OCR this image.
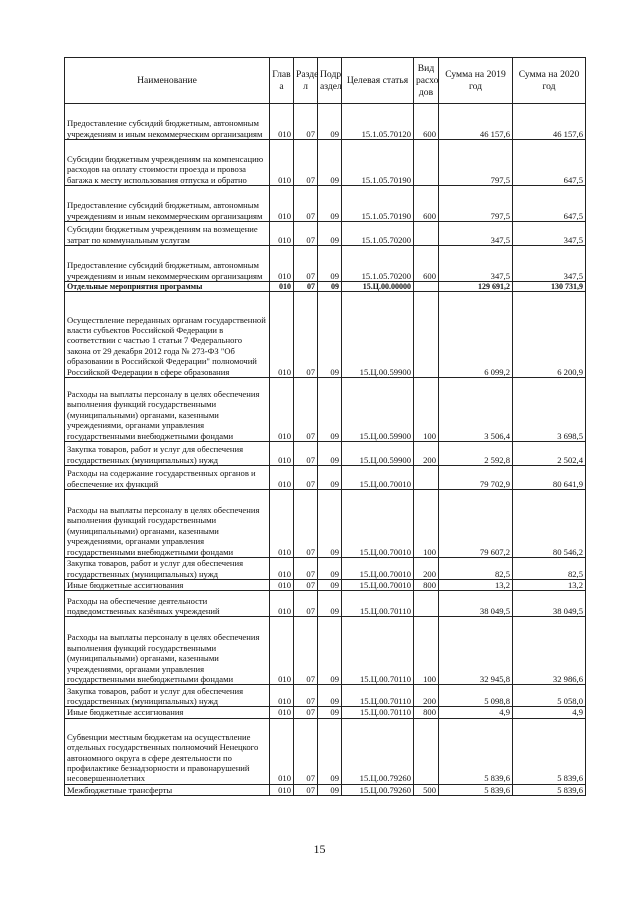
Наименование	Глав а	Разде л	Подр аздел	Целевая статья	Вид расхо дов	Сумма на 2019 год	Сумма на 2020 год
Предоставление субсидий бюджетным, автономным учреждениям и иным некоммерческим организациям	010	07	09	15.1.05.70120	600	46 157,6	46 157,6
Субсидии бюджетным учреждениям на компенсацию расходов на оплату стоимости проезда и провоза багажа к месту использования отпуска и обратно	010	07	09	15.1.05.70190		797,5	647,5
Предоставление субсидий бюджетным, автономным учреждениям и иным некоммерческим организациям	010	07	09	15.1.05.70190	600	797,5	647,5
Субсидии бюджетным учреждениям на возмещение затрат по коммунальным услугам	010	07	09	15.1.05.70200		347,5	347,5
Предоставление субсидий бюджетным, автономным учреждениям и иным некоммерческим организациям	010	07	09	15.1.05.70200	600	347,5	347,5
Отдельные мероприятия программы	010	07	09	15.Ц.00.00000		129 691,2	130 731,9
Осуществление переданных органам государственной власти субъектов Российской Федерации в соответствии с частью 1 статьи 7 Федерального закона от 29 декабря 2012 года № 273-ФЗ "Об образовании в Российской Федерации" полномочий Российской Федерации в сфере образования	010	07	09	15.Ц.00.59900		6 099,2	6 200,9
Расходы на выплаты персоналу в целях обеспечения выполнения функций государственными (муниципальными) органами, казенными учреждениями, органами управления государственными внебюджетными фондами	010	07	09	15.Ц.00.59900	100	3 506,4	3 698,5
Закупка товаров, работ и услуг для обеспечения государственных (муниципальных) нужд	010	07	09	15.Ц.00.59900	200	2 592,8	2 502,4
Расходы на содержание государственных органов и обеспечение их функций	010	07	09	15.Ц.00.70010		79 702,9	80 641,9
Расходы на выплаты персоналу в целях обеспечения выполнения функций государственными (муниципальными) органами, казенными учреждениями, органами управления государственными внебюджетными фондами	010	07	09	15.Ц.00.70010	100	79 607,2	80 546,2
Закупка товаров, работ и услуг для обеспечения государственных (муниципальных) нужд	010	07	09	15.Ц.00.70010	200	82,5	82,5
Иные бюджетные ассигнования	010	07	09	15.Ц.00.70010	800	13,2	13,2
Расходы на обеспечение деятельности подведомственных казённых учреждений	010	07	09	15.Ц.00.70110		38 049,5	38 049,5
Расходы на выплаты персоналу в целях обеспечения выполнения функций государственными (муниципальными) органами, казенными учреждениями, органами управления государственными внебюджетными фондами	010	07	09	15.Ц.00.70110	100	32 945,8	32 986,6
Закупка товаров, работ и услуг для обеспечения государственных (муниципальных) нужд	010	07	09	15.Ц.00.70110	200	5 098,8	5 058,0
Иные бюджетные ассигнования	010	07	09	15.Ц.00.70110	800	4,9	4,9
Субвенции местным бюджетам на осуществление отдельных государственных полномочий Ненецкого автономного округа в сфере деятельности по профилактике безнадзорности и правонарушений несовершеннолетних	010	07	09	15.Ц.00.79260		5 839,6	5 839,6
Межбюджетные трансферты	010	07	09	15.Ц.00.79260	500	5 839,6	5 839,6
15
